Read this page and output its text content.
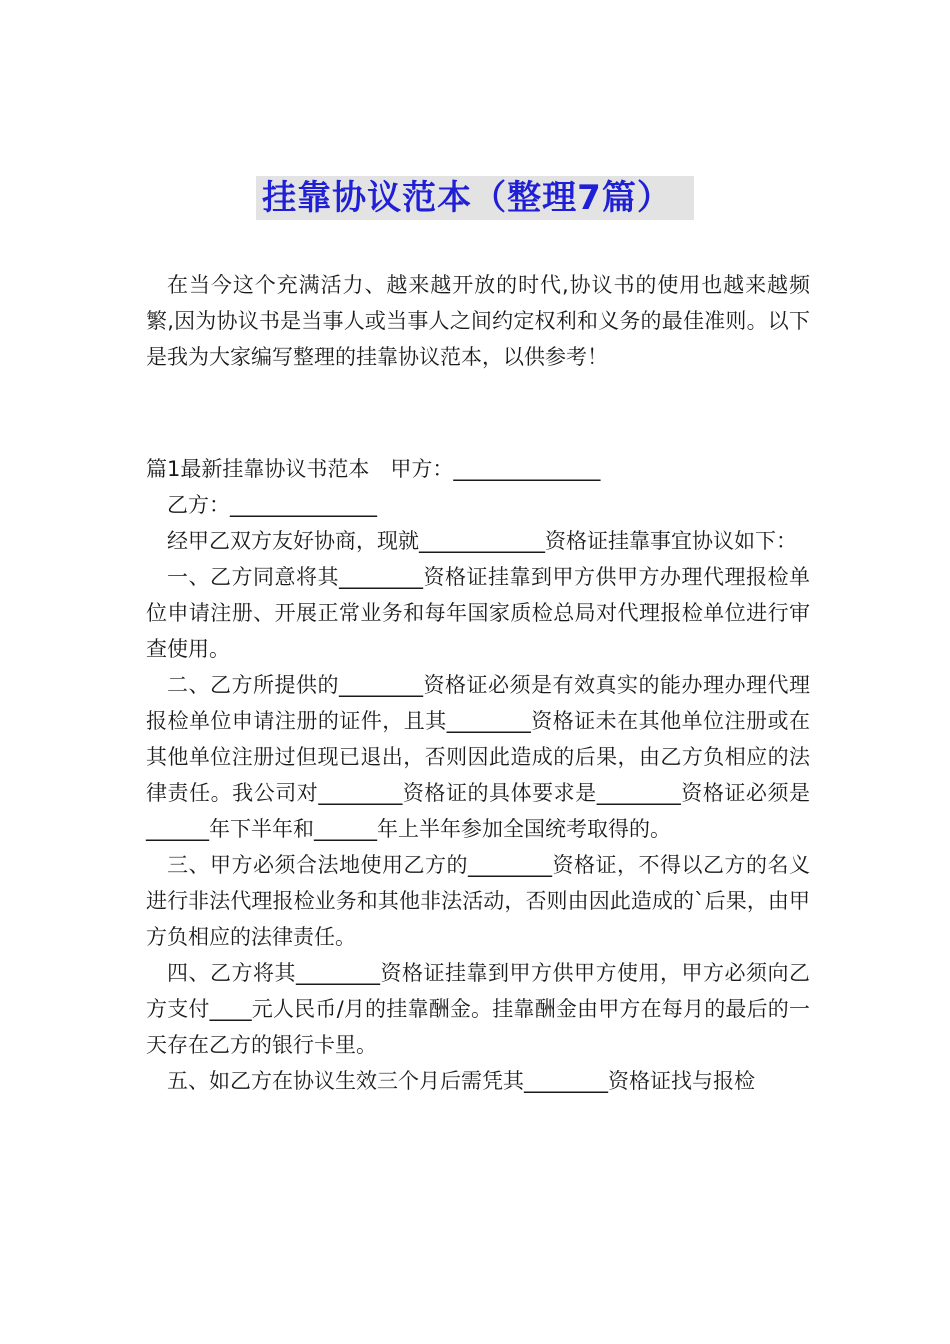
挂靠协议范本（整理7篇）

在当今这个充满活力、越来越开放的时代,协议书的使用也越来越频繁,因为协议书是当事人或当事人之间约定权利和义务的最佳准则。以下是我为大家编写整理的挂靠协议范本，以供参考！

篇1最新挂靠协议书范本　甲方：______________

乙方：______________

经甲乙双方友好协商，现就____________资格证挂靠事宜协议如下：

一、乙方同意将其________资格证挂靠到甲方供甲方办理代理报检单位申请注册、开展正常业务和每年国家质检总局对代理报检单位进行审查使用。

二、乙方所提供的________资格证必须是有效真实的能办理办理代理报检单位申请注册的证件，且其________资格证未在其他单位注册或在其他单位注册过但现已退出，否则因此造成的后果，由乙方负相应的法律责任。我公司对________资格证的具体要求是________资格证必须是______年下半年和______年上半年参加全国统考取得的。

三、甲方必须合法地使用乙方的________资格证，不得以乙方的名义进行非法代理报检业务和其他非法活动，否则由因此造成的`后果，由甲方负相应的法律责任。

四、乙方将其________资格证挂靠到甲方供甲方使用，甲方必须向乙方支付____元人民币/月的挂靠酬金。挂靠酬金由甲方在每月的最后的一天存在乙方的银行卡里。

五、如乙方在协议生效三个月后需凭其________资格证找与报检
